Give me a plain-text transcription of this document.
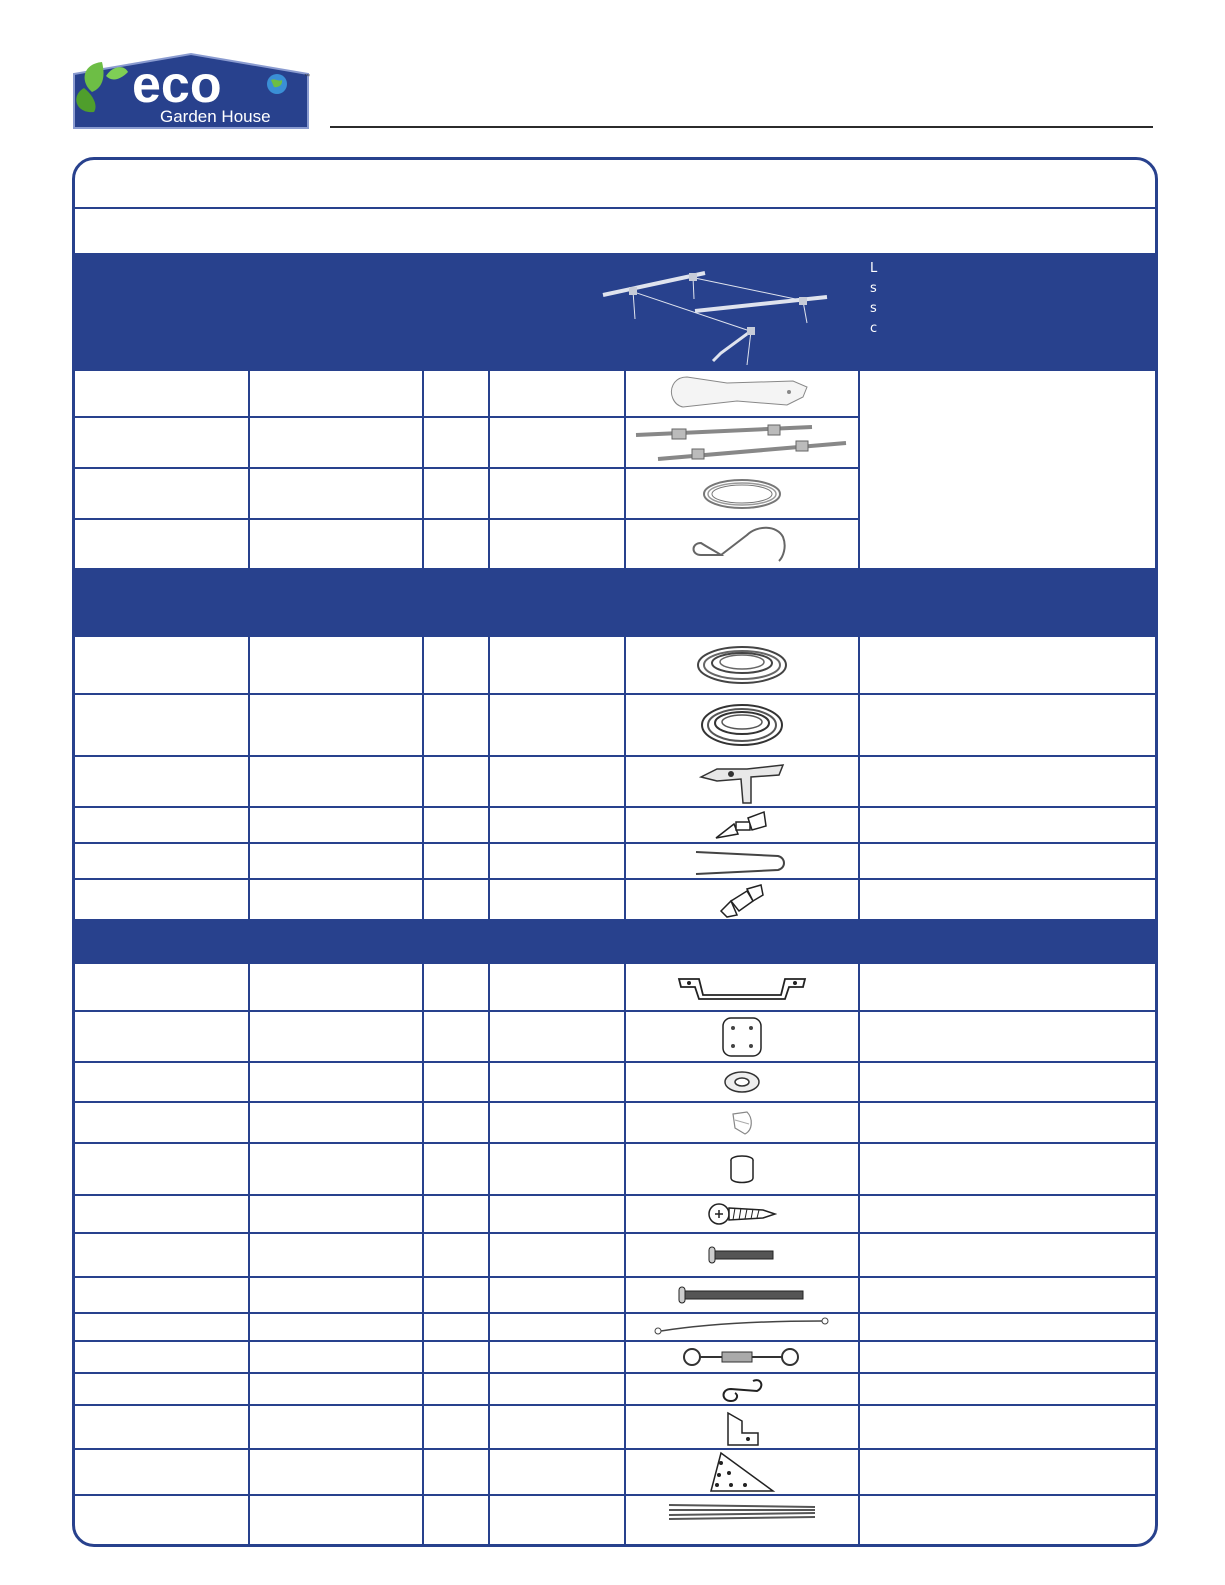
eco
Garden House
™
L
s
s
c
